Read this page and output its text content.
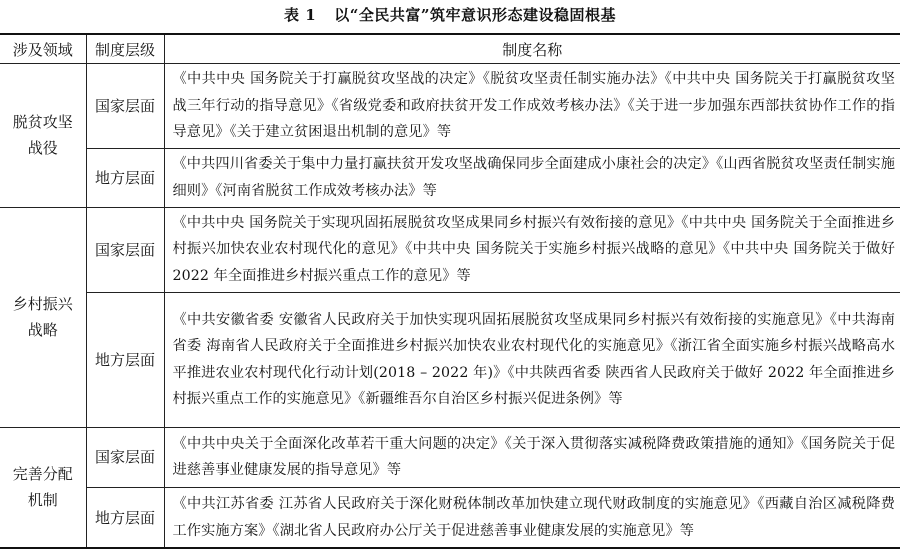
表 1 以“全民共富”筑牢意识形态建设稳固根基
涉及领域	制度层级	制度名称

脱贫攻坚
战役	国家层面	《中共中央 国务院关于打赢脱贫攻坚战的决定》《脱贫攻坚责任制实施办法》《中共中央 国务院关于打赢脱贫攻坚战三年行动的指导意见》《省级党委和政府扶贫开发工作成效考核办法》《关于进一步加强东西部扶贫协作工作的指导意见》《关于建立贫困退出机制的意见》等

	地方层面	《中共四川省委关于集中力量打赢扶贫开发攻坚战确保同步全面建成小康社会的决定》《山西省脱贫攻坚责任制实施细则》《河南省脱贫工作成效考核办法》等

乡村振兴
战略	国家层面	《中共中央 国务院关于实现巩固拓展脱贫攻坚成果同乡村振兴有效衔接的意见》《中共中央 国务院关于全面推进乡村振兴加快农业农村现代化的意见》《中共中央 国务院关于实施乡村振兴战略的意见》《中共中央 国务院关于做好 2022 年全面推进乡村振兴重点工作的意见》等

	地方层面	《中共安徽省委 安徽省人民政府关于加快实现巩固拓展脱贫攻坚成果同乡村振兴有效衔接的实施意见》《中共海南省委 海南省人民政府关于全面推进乡村振兴加快农业农村现代化的实施意见》《浙江省全面实施乡村振兴战略高水平推进农业农村现代化行动计划(2018 – 2022 年)》《中共陕西省委 陕西省人民政府关于做好 2022 年全面推进乡村振兴重点工作的实施意见》《新疆维吾尔自治区乡村振兴促进条例》等

完善分配
机制	国家层面	《中共中央关于全面深化改革若干重大问题的决定》《关于深入贯彻落实减税降费政策措施的通知》《国务院关于促进慈善事业健康发展的指导意见》等

	地方层面	《中共江苏省委 江苏省人民政府关于深化财税体制改革加快建立现代财政制度的实施意见》《西藏自治区减税降费工作实施方案》《湖北省人民政府办公厅关于促进慈善事业健康发展的实施意见》等
